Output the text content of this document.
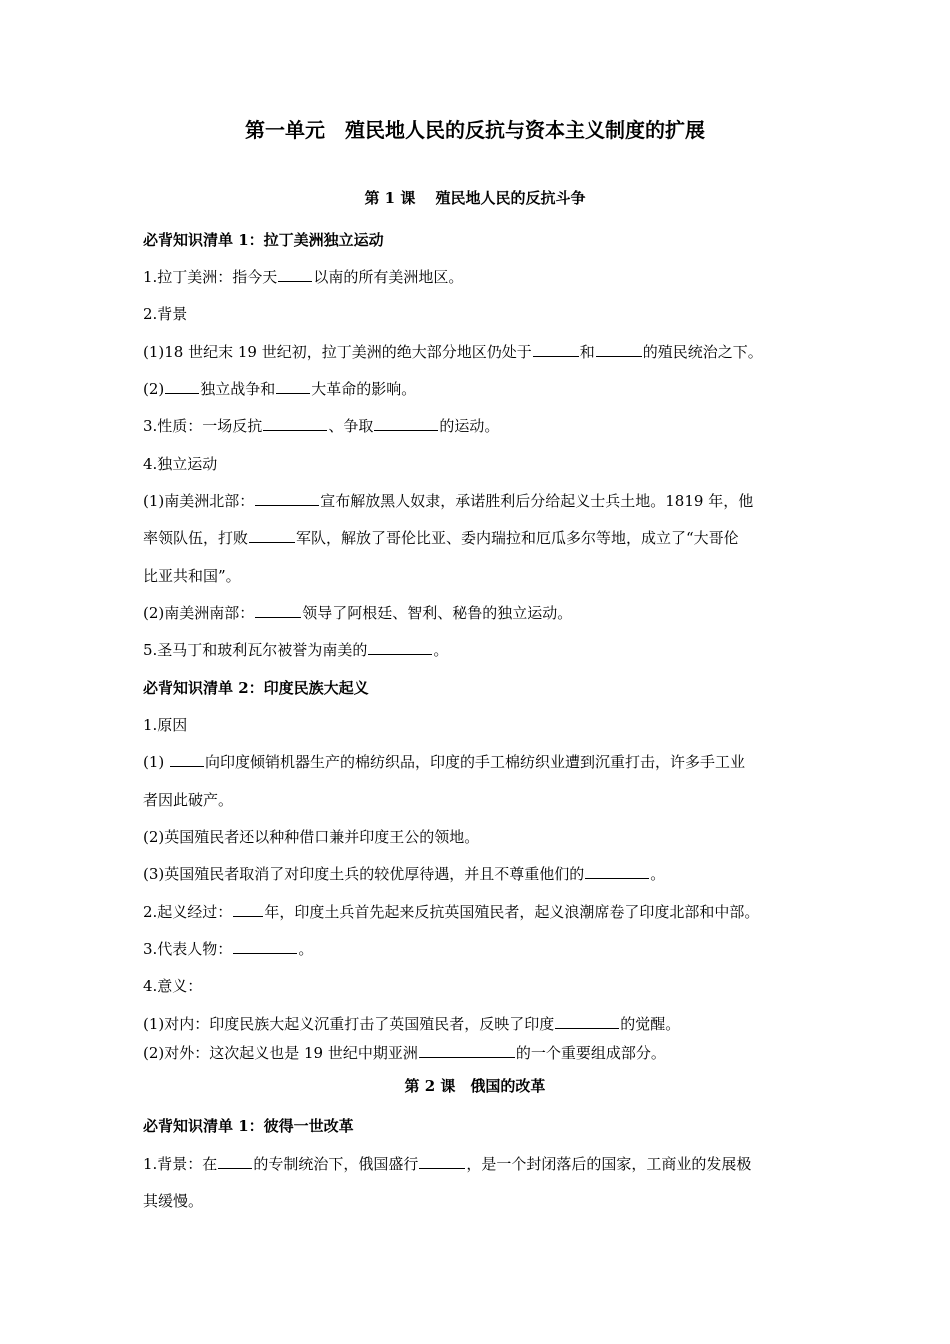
第一单元　殖民地人民的反抗与资本主义制度的扩展
第 1 课　 殖民地人民的反抗斗争
必背知识清单 1：拉丁美洲独立运动
1.拉丁美洲：指今天 以南的所有美洲地区。
2.背景
(1)18 世纪末 19 世纪初，拉丁美洲的绝大部分地区仍处于	和	的殖民统治之下。
(2) 独立战争和 大革命的影响。
3.性质：一场反抗	、争取	的运动。
4.独立运动
(1)南美洲北部：	宣布解放黑人奴隶，承诺胜利后分给起义士兵土地。1819 年，他
率领队伍，打败	军队，解放了哥伦比亚、委内瑞拉和厄瓜多尔等地，成立了“大哥伦
比亚共和国”。
(2)南美洲南部：	领导了阿根廷、智利、秘鲁的独立运动。
5.圣马丁和玻利瓦尔被誉为南美的	。
必背知识清单 2：印度民族大起义
1.原因
(1) 向印度倾销机器生产的棉纺织品，印度的手工棉纺织业遭到沉重打击，许多手工业
者因此破产。
(2)英国殖民者还以种种借口兼并印度王公的领地。
(3)英国殖民者取消了对印度土兵的较优厚待遇，并且不尊重他们的	。
2.起义经过： 年，印度土兵首先起来反抗英国殖民者，起义浪潮席卷了印度北部和中部。
3.代表人物：	。
4.意义：
(1)对内：印度民族大起义沉重打击了英国殖民者，反映了印度	的觉醒。
(2)对外：这次起义也是 19 世纪中期亚洲	的一个重要组成部分。
第 2 课　俄国的改革
必背知识清单 1：彼得一世改革
1.背景：在 的专制统治下，俄国盛行	，是一个封闭落后的国家，工商业的发展极
其缓慢。
